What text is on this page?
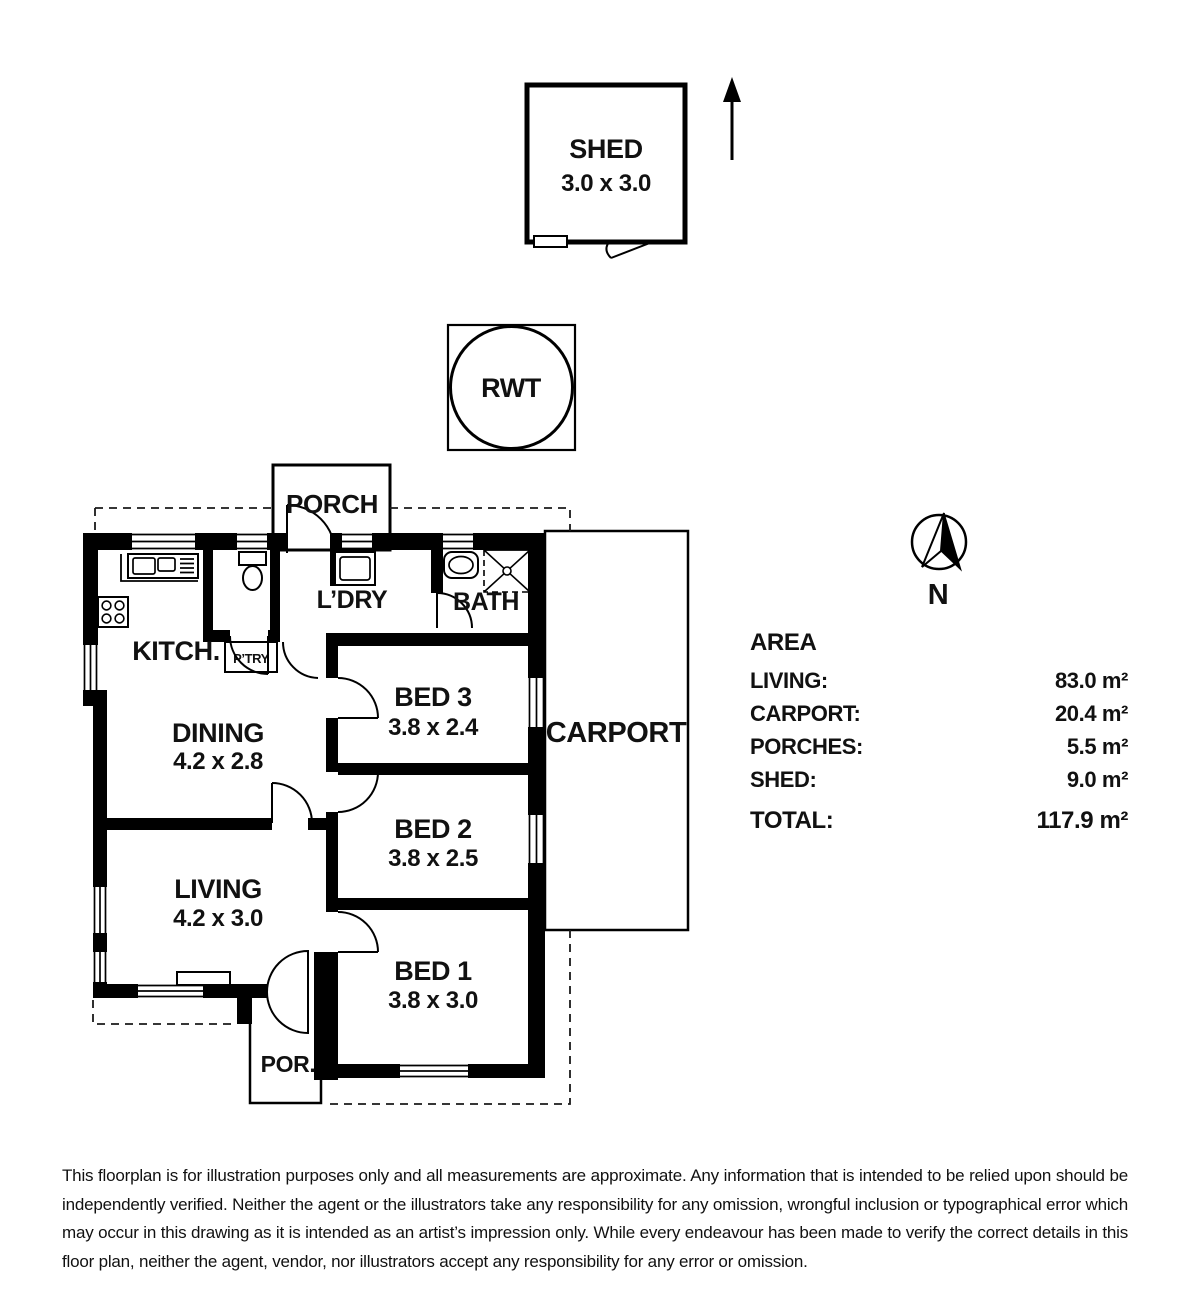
SHED
3.0 x 3.0
RWT
N
P’TRY
PORCH
KITCH.
L’DRY	BATH
DINING
4.2 x 2.8
LIVING
4.2 x 3.0
BED 3
3.8 x 2.4
BED 2
3.8 x 2.5
BED 1
3.8 x 3.0
CARPORT
POR.
AREA
LIVING:	83.0 m²
CARPORT:	20.4 m²
PORCHES:	5.5 m²
SHED:	9.0 m²
TOTAL:	117.9 m²
This floorplan is for illustration purposes only and all measurements are approximate. Any information that is intended to be relied upon should be independently verified. Neither the agent or the illustrators take any responsibility for any omission, wrongful inclusion or typographical error which may occur in this drawing as it is intended as an artist’s impression only. While every endeavour has been made to verify the correct details in this floor plan, neither the agent, vendor, nor illustrators accept any responsibility for any error or omission.
